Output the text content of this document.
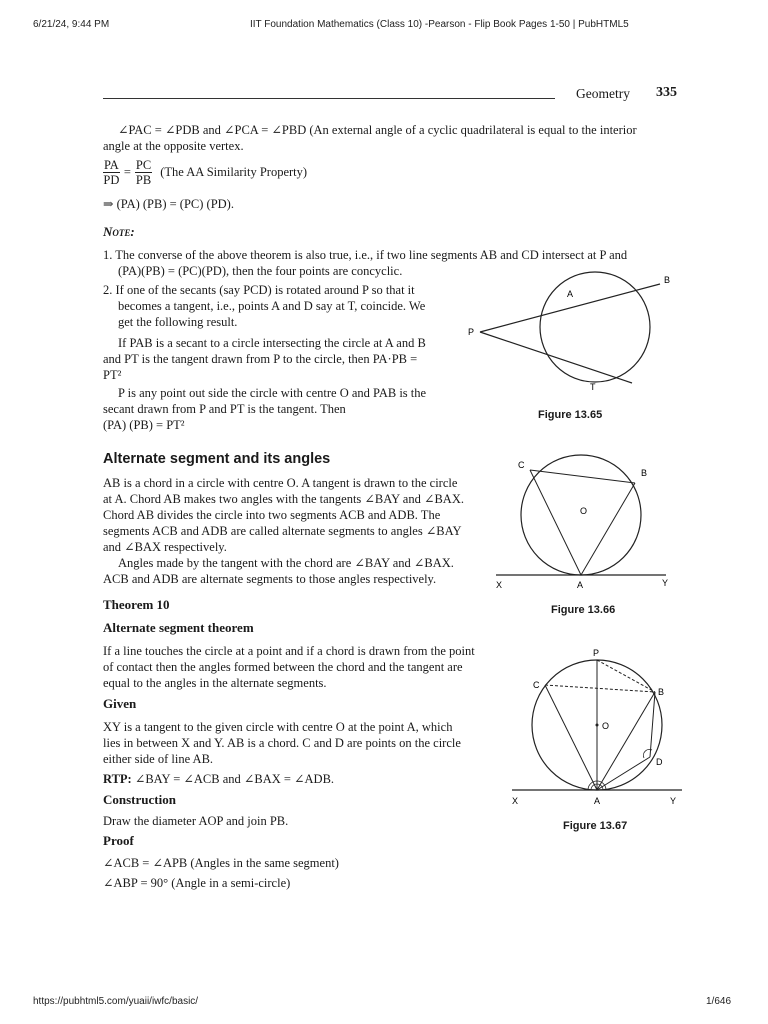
6/21/24, 9:44 PM	IIT Foundation Mathematics (Class 10) -Pearson - Flip Book Pages 1-50 | PubHTML5
https://pubhtml5.com/yuaii/iwfc/basic/	1/646
Geometry 335
∠PAC = ∠PDB and ∠PCA = ∠PBD (An external angle of a cyclic quadrilateral is equal to the interior
angle at the opposite vertex.
$\frac{PA}{PD} = \frac{PC}{PB} (The$ AA Similarity Property)
⇒ (PA) (PB) = (PC) (PD).
Note:
1. The converse of the above theorem is also true, i.e., if two line segments AB and CD intersect at P and
(PA)(PB) = (PC)(PD), then the four points are concyclic.
2. If one of the secants (say PCD) is rotated around P so that it
becomes a tangent, i.e., points A and D say at T, coincide. We
get the following result.
If PAB is a secant to a circle intersecting the circle at A and B
and PT is the tangent drawn from P to the circle, then PA·PB =
PT²
P is any point out side the circle with centre O and PAB is the
secant drawn from P and PT is the tangent. Then
(PA) (PB) = PT²
B
A
P
T
Figure 13.65
Alternate segment and its angles
AB is a chord in a circle with centre O. A tangent is drawn to the circle
at A. Chord AB makes two angles with the tangents ∠BAY and ∠BAX.
Chord AB divides the circle into two segments ACB and ADB. The
segments ACB and ADB are called alternate segments to angles ∠BAY
and ∠BAX respectively.
Angles made by the tangent with the chord are ∠BAY and ∠BAX.
ACB and ADB are alternate segments to those angles respectively.
C
B
O
X	A	Y
Figure 13.66
Theorem 10
Alternate segment theorem
If a line touches the circle at a point and if a chord is drawn from the point
of contact then the angles formed between the chord and the tangent are
equal to the angles in the alternate segments.
Given
XY is a tangent to the given circle with centre O at the point A, which
lies in between X and Y. AB is a chord. C and D are points on the circle
either side of line AB.
RTP: ∠BAY = ∠ACB and ∠BAX = ∠ADB.
Construction
Draw the diameter AOP and join PB.
Proof
∠ACB = ∠APB (Angles in the same segment)
∠ABP = 90° (Angle in a semi-circle)
P
C
B
O
D
X	A	Y
Figure 13.67
